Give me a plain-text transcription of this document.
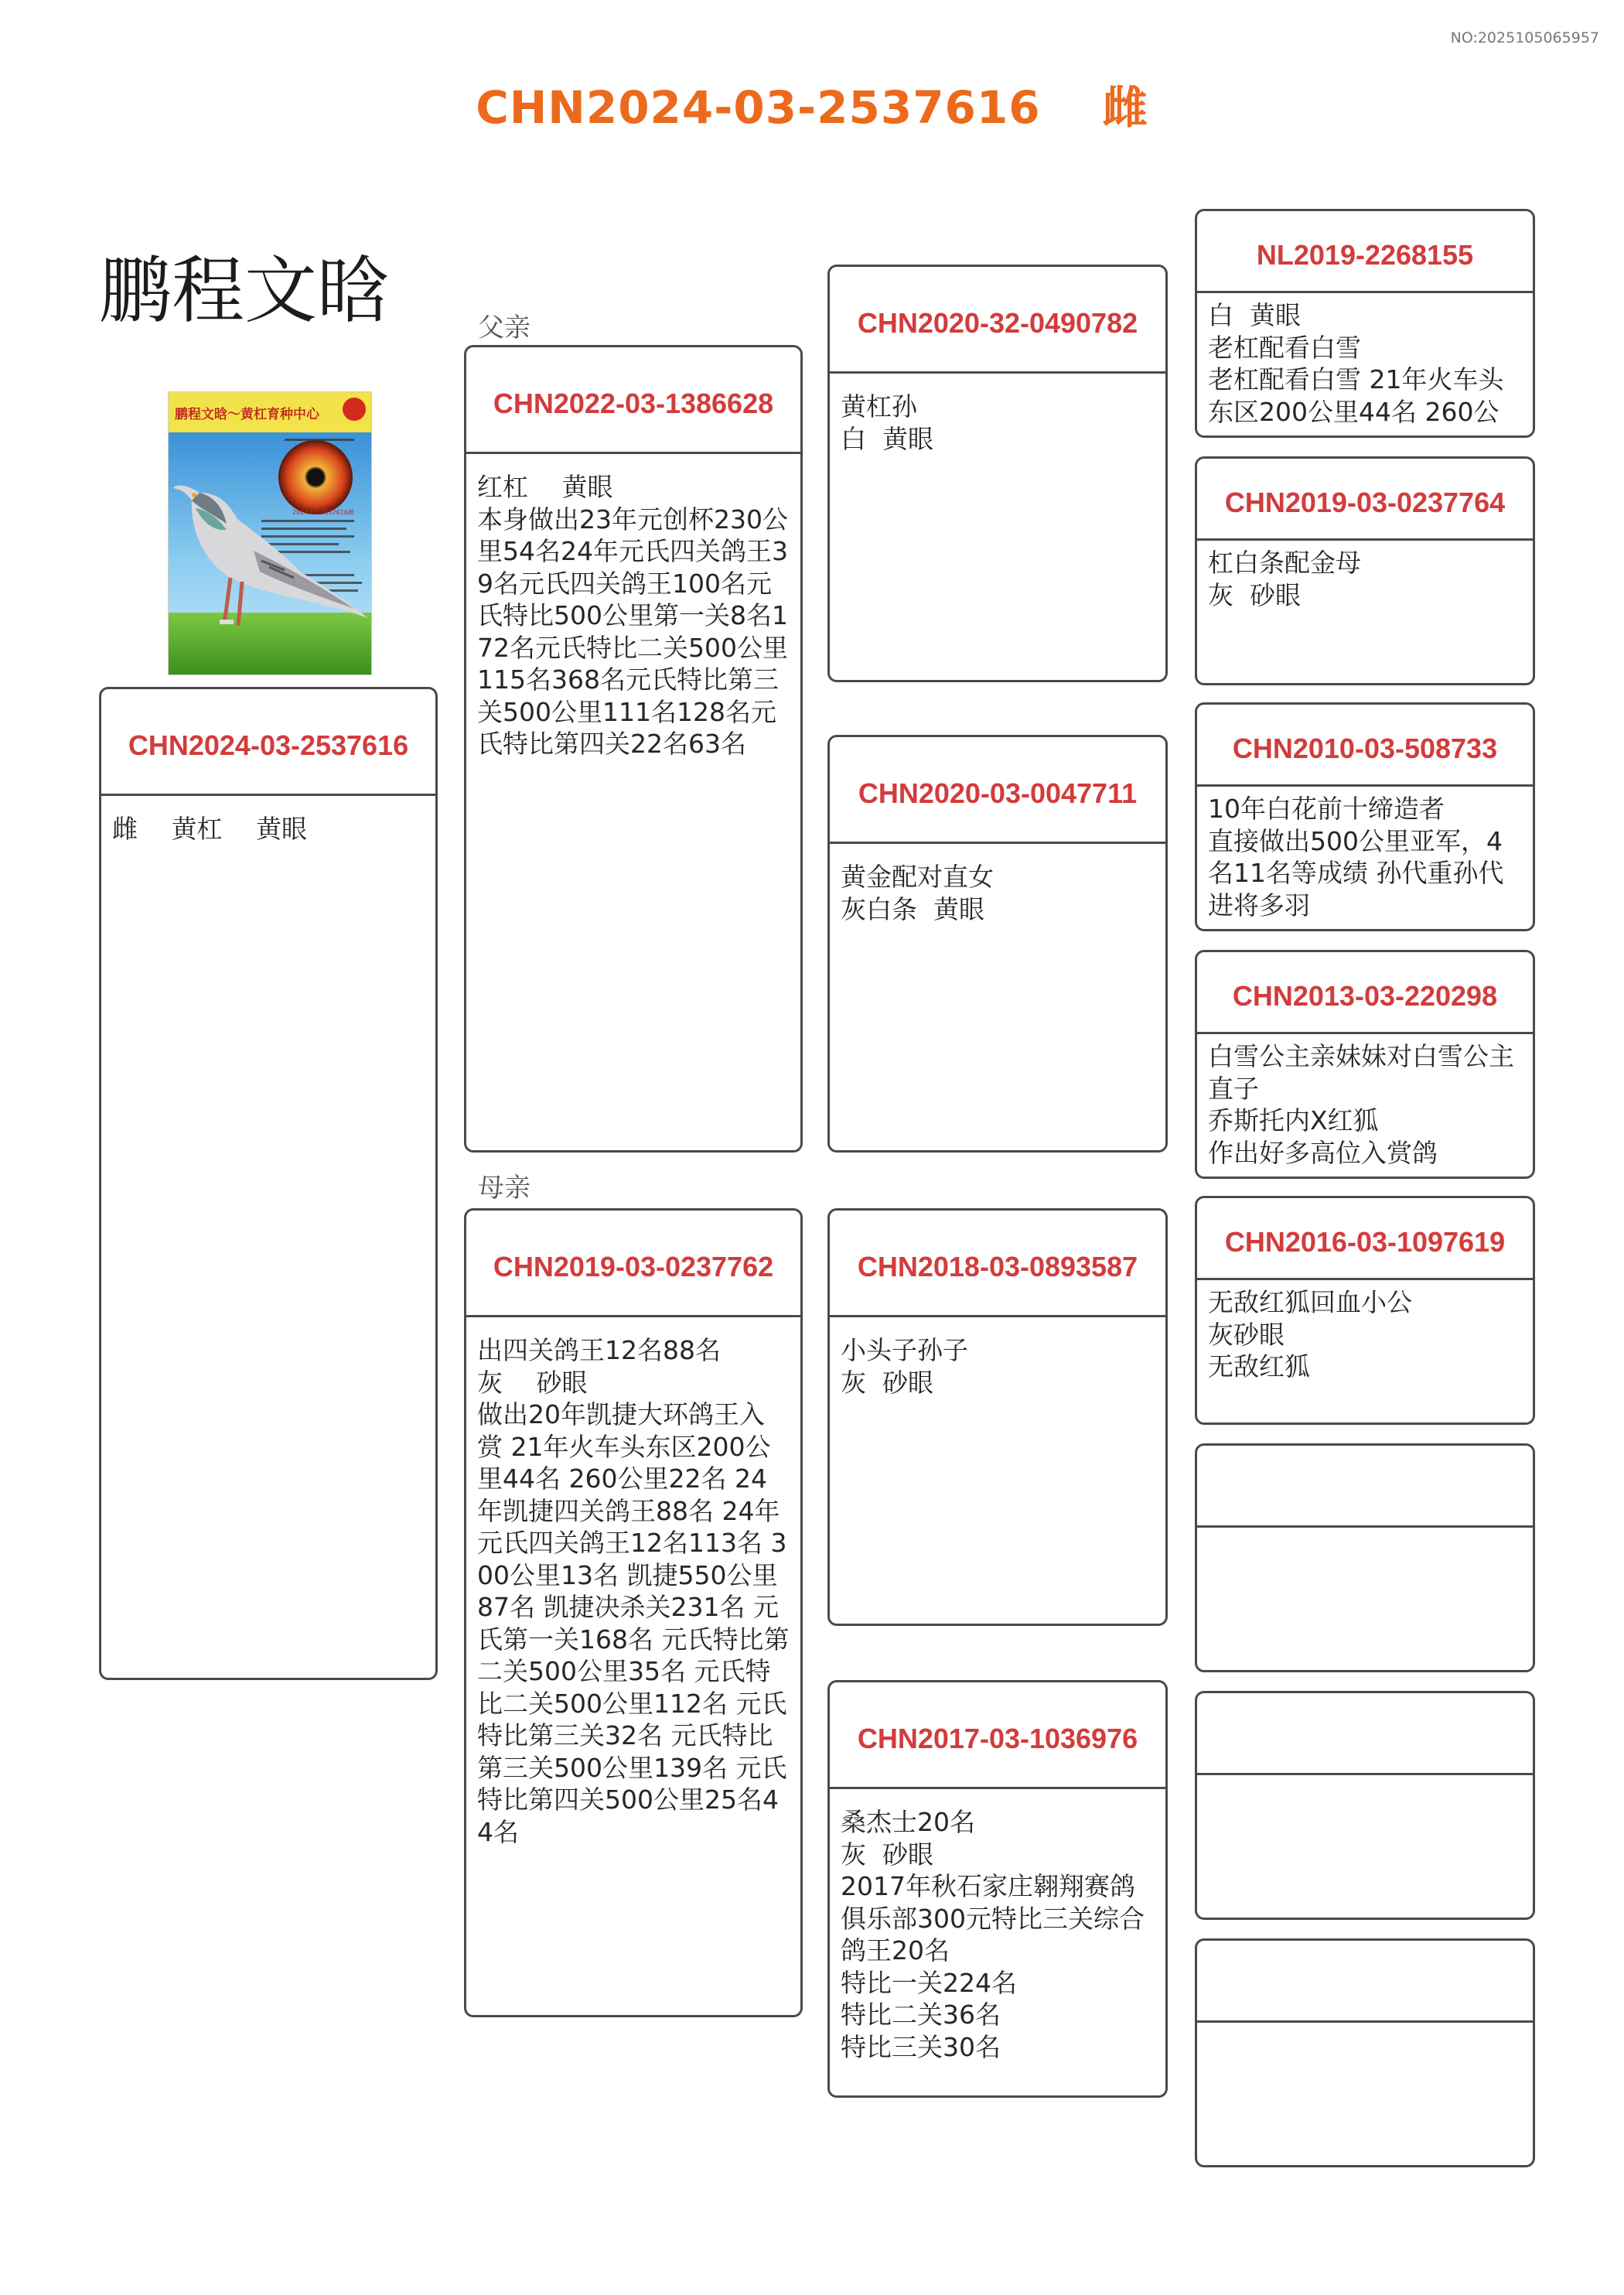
NO:2025105065957
CHN2024-03-2537616　 雌
鹏程文晗
鹏程文晗～黄杠育种中心
2024-03-2537616雌
父亲
母亲
CHN2024-03-2537616
雌　 黄杠　 黄眼
CHN2022-03-1386628
红杠　 黄眼
本身做出23年元创杯230公里54名24年元氏四关鸽王39名元氏四关鸽王100名元氏特比500公里第一关8名172名元氏特比二关500公里115名368名元氏特比第三关500公里111名128名元氏特比第四关22名63名
CHN2019-03-0237762
出四关鸽王12名88名
灰　 砂眼
做出20年凯捷大环鸽王入赏 21年火车头东区200公里44名 260公里22名 24年凯捷四关鸽王88名 24年元氏四关鸽王12名113名 300公里13名 凯捷550公里87名 凯捷决杀关231名 元氏第一关168名 元氏特比第二关500公里35名 元氏特比二关500公里112名 元氏特比第三关32名 元氏特比第三关500公里139名 元氏特比第四关500公里25名44名
CHN2020-32-0490782
黄杠孙
白  黄眼
CHN2020-03-0047711
黄金配对直女
灰白条  黄眼
CHN2018-03-0893587
小头子孙子
灰  砂眼
CHN2017-03-1036976
桑杰士20名
灰  砂眼
2017年秋石家庄翱翔赛鸽俱乐部300元特比三关综合鸽王20名
特比一关224名
特比二关36名
特比三关30名
NL2019-2268155
白  黄眼
老杠配看白雪
老杠配看白雪 21年火车头东区200公里44名 260公
CHN2019-03-0237764
杠白条配金母
灰  砂眼
CHN2010-03-508733
10年白花前十缔造者
直接做出500公里亚军，4名11名等成绩 孙代重孙代进将多羽
CHN2013-03-220298
白雪公主亲妹妹对白雪公主直子
乔斯托内X红狐
作出好多高位入赏鸽
CHN2016-03-1097619
无敌红狐回血小公
灰砂眼
无敌红狐
